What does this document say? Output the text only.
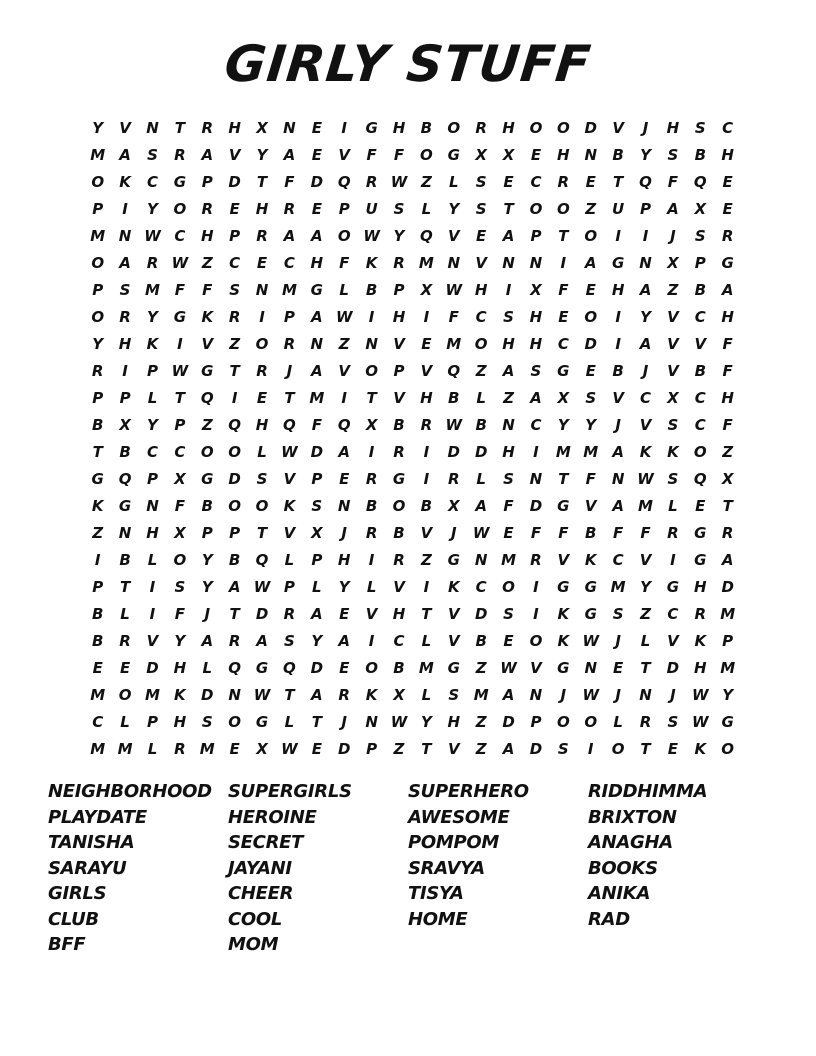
GIRLY STUFF
Y	V	N	T	R	H	X	N	E	I	G H	B	O	R	H O O D	V	J	H	S	C
M A	S	R	A	V	Y	A	E	V	F	F	O G	X	X	E	H N	B	Y	S	B	H
O	K	C	G	P	D	T	F	D Q	R W Z	L	S	E	C	R	E	T	Q	F	Q	E
P	I	Y	O	R	E	H	R	E	P	U	S	L	Y	S	T	O O	Z	U	P	A	X	E
M N W C	H	P	R	A	A	O W Y	Q	V	E	A	P	T	O	I	I	J	S	R
O	A	R W Z	C	E	C	H	F	K	R M N	V	N N	I	A	G N	X	P	G
P	S M F	F	S	N M G	L	B	P	X W H	I	X	F	E	H	A	Z	B	A
O	R	Y	G	K	R	I	P	A W	I	H	I	F	C	S	H	E	O	I	Y	V	C	H
Y	H	K	I	V	Z	O	R	N	Z	N	V	E M O H H	C	D	I	A	V	V	F
R	I	P W G	T	R	J	A	V	O	P	V	Q	Z	A	S	G	E	B	J	V	B	F
P	P	L	T	Q	I	E	T M	I	T	V	H	B	L	Z	A	X	S	V	C	X	C	H
B	X	Y	P	Z	Q H Q	F	Q	X	B	R W B	N	C	Y	Y	J	V	S	C	F
T	B	C	C	O O	L W D	A	I	R	I	D D H	I	M M A	K	K	O	Z
G Q	P	X	G	D	S	V	P	E	R	G	I	R	L	S	N	T	F	N W S	Q	X
K	G N	F	B	O O	K	S	N	B	O	B	X	A	F	D	G	V	A M	L	E	T
Z	N H	X	P	P	T	V	X	J	R	B	V	J	W E	F	F	B	F	F	R	G	R
I	B	L	O	Y	B	Q	L	P	H	I	R	Z	G N M R	V	K	C	V	I	G	A
P	T	I	S	Y	A W P	L	Y	L	V	I	K	C	O	I	G	G M Y	G H D
B	L	I	F	J	T	D	R	A	E	V	H	T	V	D	S	I	K	G	S	Z	C	R M
B	R	V	Y	A	R	A	S	Y	A	I	C	L	V	B	E	O	K W	J	L	V	K	P
E	E	D H	L	Q G Q D	E	O	B M G	Z W V	G N	E	T	D H M
M O M K	D N W T	A	R	K	X	L	S M A	N	J	W	J	N	J	W Y
C	L	P	H	S	O G	L	T	J	N W Y	H	Z	D	P	O O	L	R	S W G
M M	L	R M E	X W E	D	P	Z	T	V	Z	A	D	S	I	O	T	E	K	O
NEIGHBORHOOD
PLAYDATE
TANISHA
SARAYU
GIRLS
CLUB
BFF
SUPERGIRLS
HEROINE
SECRET
JAYANI
CHEER
COOL
MOM
SUPERHERO
AWESOME
POMPOM
SRAVYA
TISYA
HOME
RIDDHIMMA
BRIXTON
ANAGHA
BOOKS
ANIKA
RAD
